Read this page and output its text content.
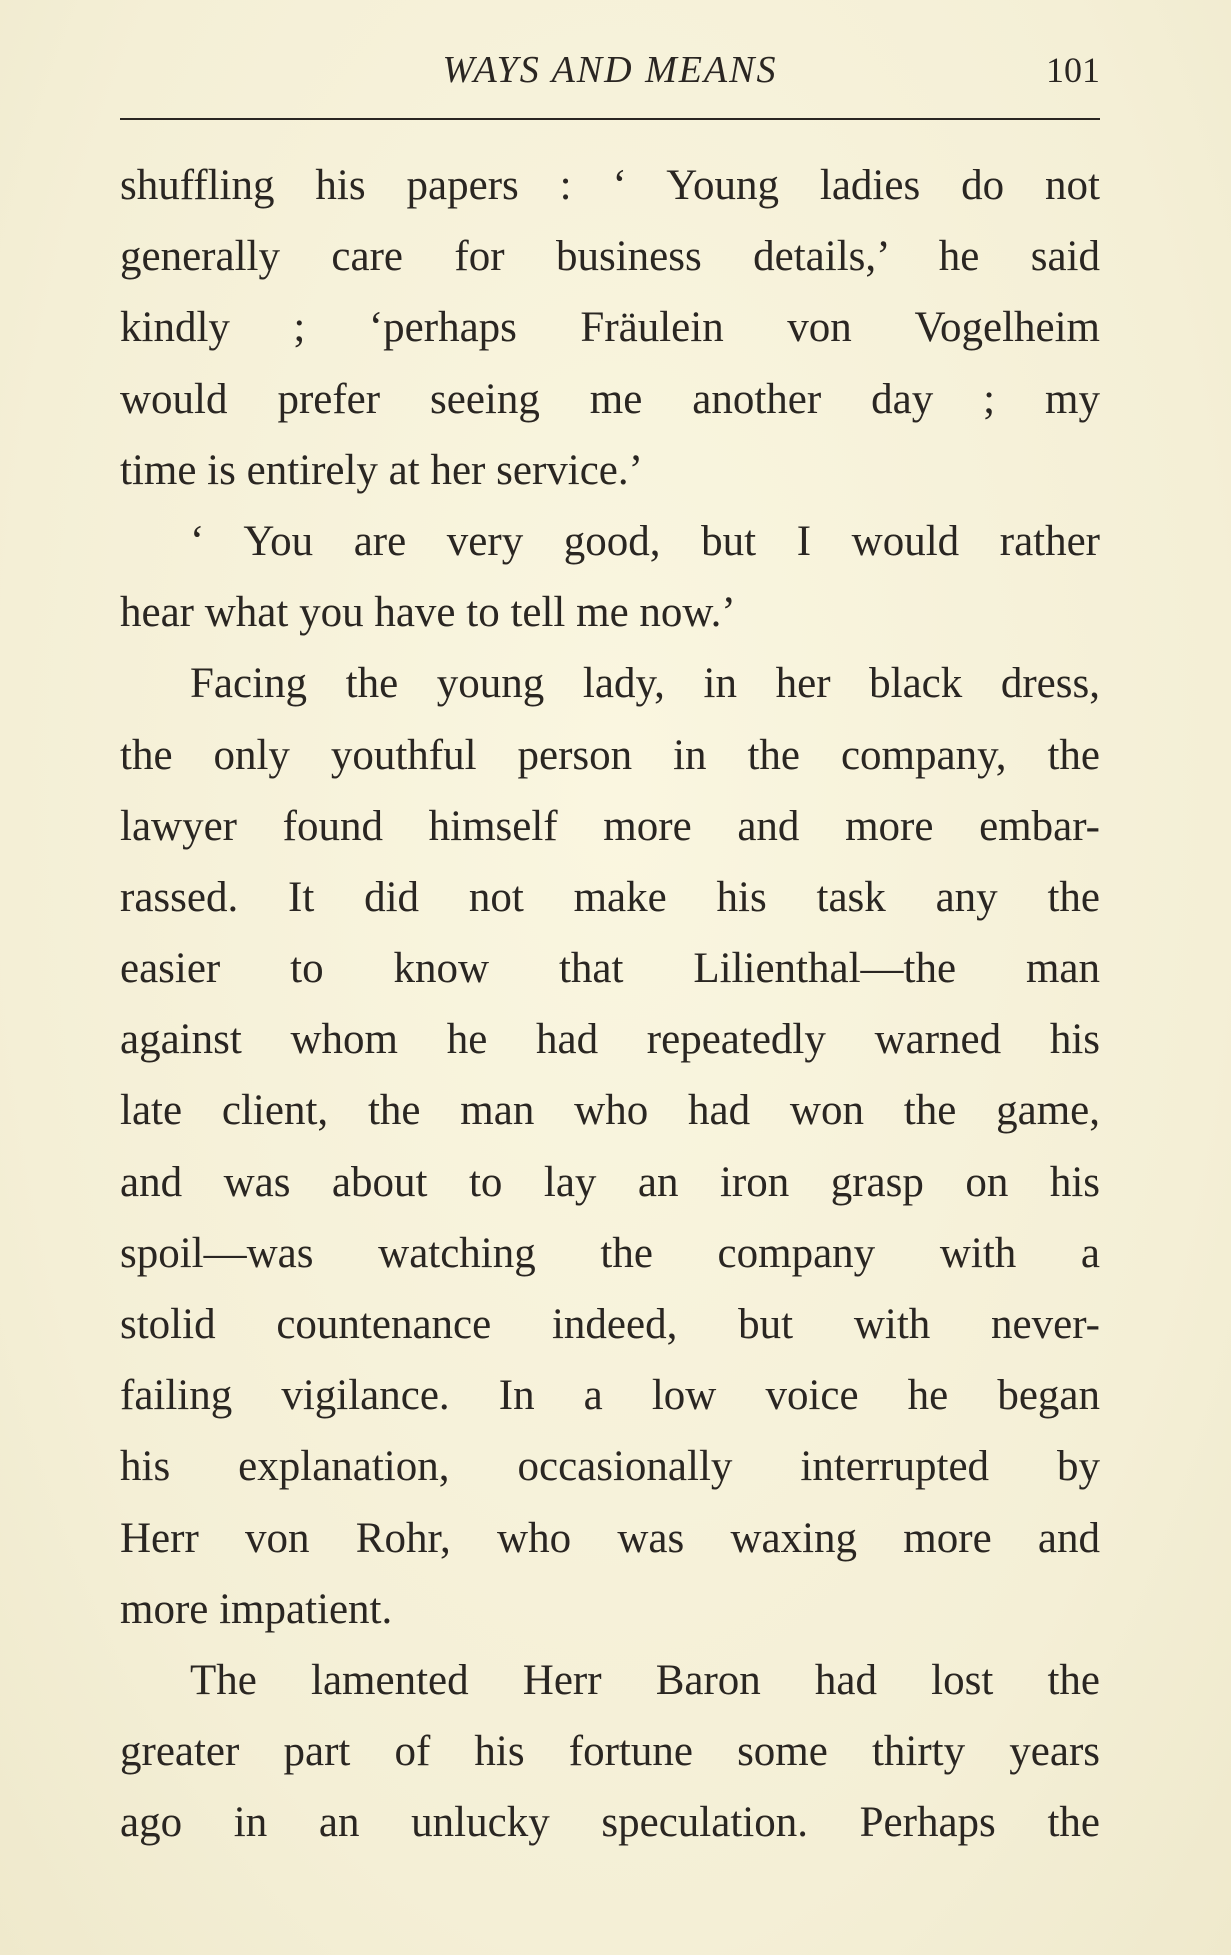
WAYS AND MEANS	101
shuffling his papers : ‘ Young ladies do not
generally care for business details,’ he said
kindly ; ‘perhaps Fräulein von Vogelheim
would prefer seeing me another day ; my
time is entirely at her service.’
‘ You are very good, but I would rather
hear what you have to tell me now.’
Facing the young lady, in her black dress,
the only youthful person in the company, the
lawyer found himself more and more embar-
rassed. It did not make his task any the
easier to know that Lilienthal—the man
against whom he had repeatedly warned his
late client, the man who had won the game,
and was about to lay an iron grasp on his
spoil—was watching the company with a
stolid countenance indeed, but with never-
failing vigilance. In a low voice he began
his explanation, occasionally interrupted by
Herr von Rohr, who was waxing more and
more impatient.
The lamented Herr Baron had lost the
greater part of his fortune some thirty years
ago in an unlucky speculation. Perhaps the
